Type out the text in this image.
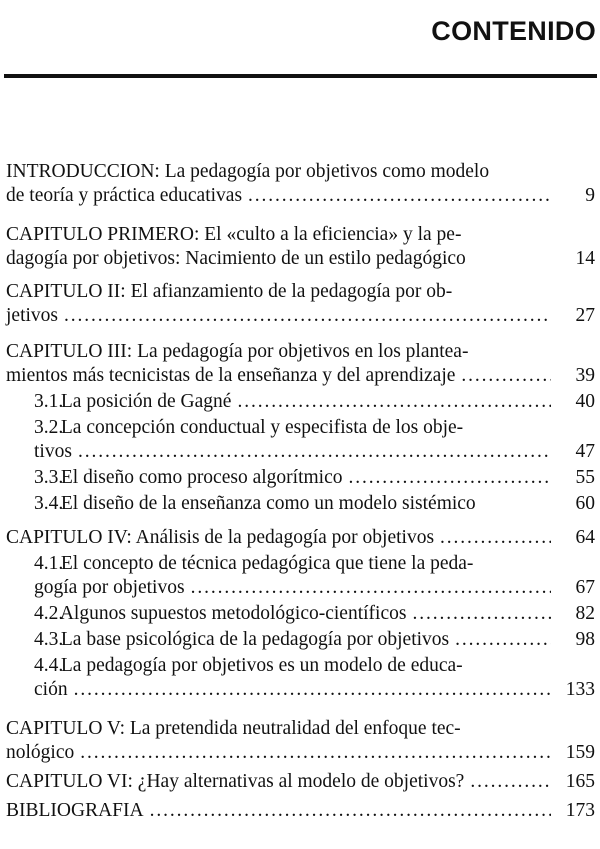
CONTENIDO
INTRODUCCION: La pedagogía por objetivos como modelo
de teoría y práctica educativas . . .	9
CAPITULO PRIMERO: El «culto a la eficiencia» y la pe-
dagogía por objetivos: Nacimiento de un estilo pedagógico	14
CAPITULO II: El afianzamiento de la pedagogía por ob-
jetivos . . .	27
CAPITULO III: La pedagogía por objetivos en los plantea-
mientos más tecnicistas de la enseñanza y del aprendizaje . . .	39
3.1. La posición de Gagné . . .	40
3.2. La concepción conductual y especifista de los obje-
tivos . . .	47
3.3. El diseño como proceso algorítmico . . .	55
3.4. El diseño de la enseñanza como un modelo sistémico	60
CAPITULO IV: Análisis de la pedagogía por objetivos . . .	64
4.1. El concepto de técnica pedagógica que tiene la peda-
gogía por objetivos . . .	67
4.2. Algunos supuestos metodológico-científicos . . .	82
4.3. La base psicológica de la pedagogía por objetivos . . .	98
4.4. La pedagogía por objetivos es un modelo de educa-
ción . . .	133
CAPITULO V: La pretendida neutralidad del enfoque tec-
nológico . . .	159
CAPITULO VI: ¿Hay alternativas al modelo de objetivos? . . .	165
BIBLIOGRAFIA . . .	173
